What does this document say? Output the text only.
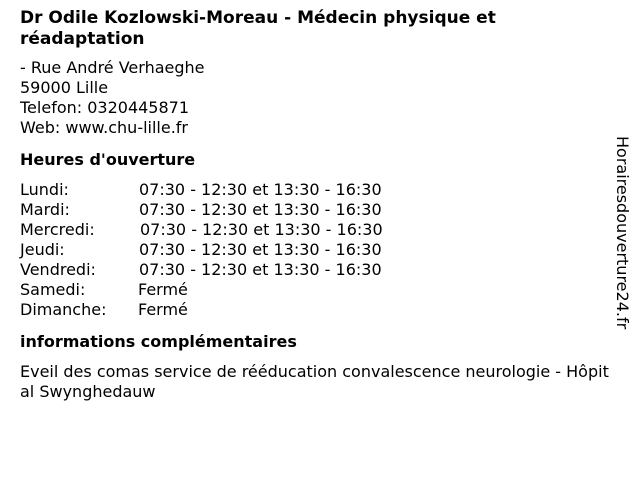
Dr Odile Kozlowski-Moreau - Médecin physique et réadaptation
- Rue André Verhaeghe
59000 Lille
Telefon: 0320445871
Web: www.chu-lille.fr
Heures d'ouverture
Lundi:	07:30 - 12:30 et 13:30 - 16:30
Mardi:	07:30 - 12:30 et 13:30 - 16:30
Mercredi:	07:30 - 12:30 et 13:30 - 16:30
Jeudi:	07:30 - 12:30 et 13:30 - 16:30
Vendredi:	07:30 - 12:30 et 13:30 - 16:30
Samedi:	Fermé
Dimanche: Fermé
informations complémentaires
Eveil des comas service de rééducation convalescence neurologie - Hôpital Swynghedauw
Horairesdouverture24.fr
